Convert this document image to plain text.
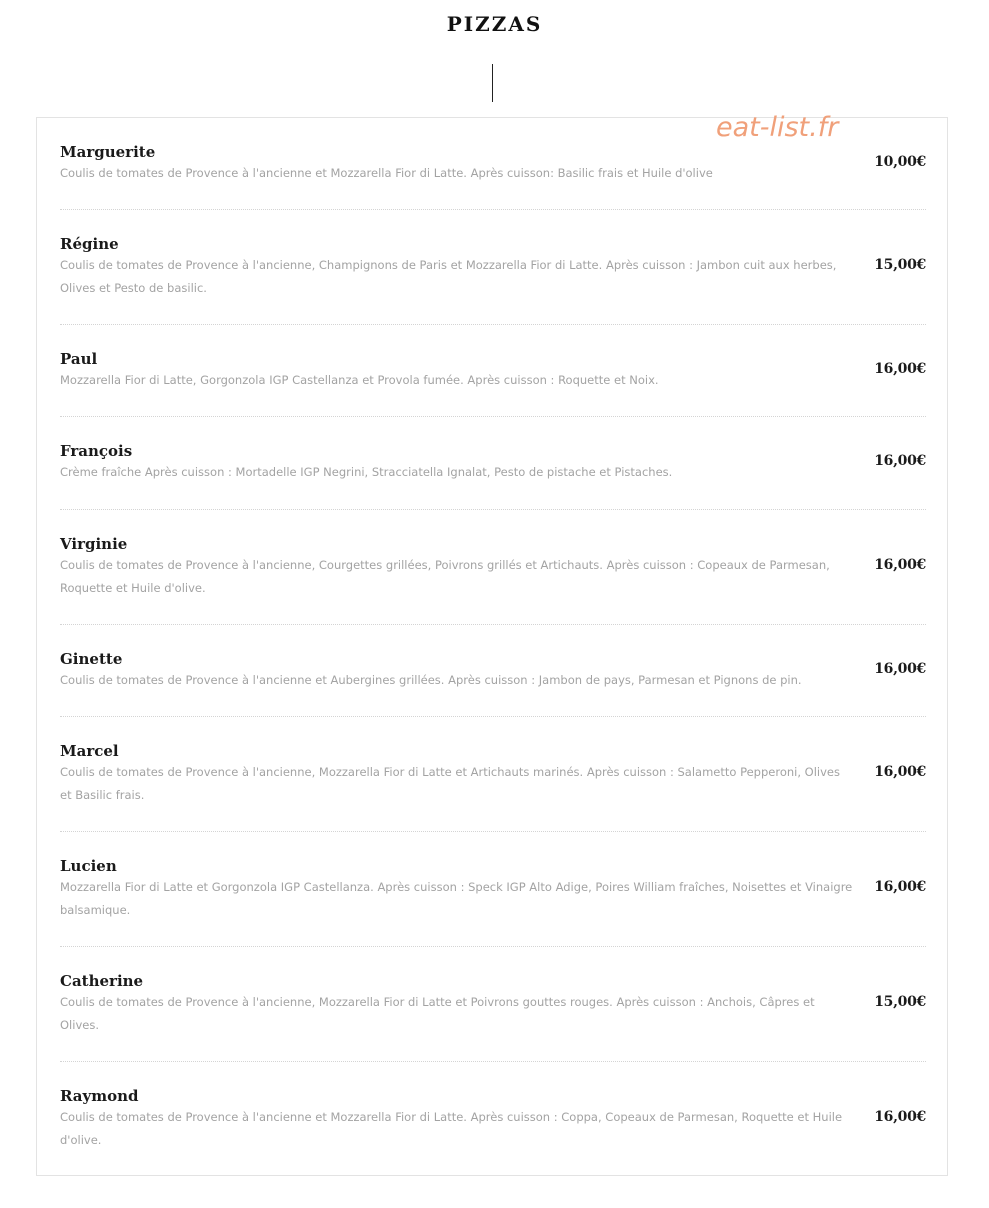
PIZZAS

Marguerite

Coulis de tomates de Provence à l'ancienne et Mozzarella Fior di Latte. Après cuisson: Basilic frais et Huile d'olive

10,00€

Régine

Coulis de tomates de Provence à l'ancienne, Champignons de Paris et Mozzarella Fior di Latte. Après cuisson : Jambon cuit aux herbes, Olives et Pesto de basilic.

15,00€

Paul

Mozzarella Fior di Latte, Gorgonzola IGP Castellanza et Provola fumée. Après cuisson : Roquette et Noix.

16,00€

François

Crème fraîche Après cuisson : Mortadelle IGP Negrini, Stracciatella Ignalat, Pesto de pistache et Pistaches.

16,00€

Virginie

Coulis de tomates de Provence à l'ancienne, Courgettes grillées, Poivrons grillés et Artichauts. Après cuisson : Copeaux de Parmesan, Roquette et Huile d'olive.

16,00€

Ginette

Coulis de tomates de Provence à l'ancienne et Aubergines grillées. Après cuisson : Jambon de pays, Parmesan et Pignons de pin.

16,00€

Marcel

Coulis de tomates de Provence à l'ancienne, Mozzarella Fior di Latte et Artichauts marinés. Après cuisson : Salametto Pepperoni, Olives et Basilic frais.

16,00€

Lucien

Mozzarella Fior di Latte et Gorgonzola IGP Castellanza. Après cuisson : Speck IGP Alto Adige, Poires William fraîches, Noisettes et Vinaigre balsamique.

16,00€

Catherine

Coulis de tomates de Provence à l'ancienne, Mozzarella Fior di Latte et Poivrons gouttes rouges. Après cuisson : Anchois, Câpres et Olives.

15,00€

Raymond

Coulis de tomates de Provence à l'ancienne et Mozzarella Fior di Latte. Après cuisson : Coppa, Copeaux de Parmesan, Roquette et Huile d'olive.

16,00€

eat-list.fr
